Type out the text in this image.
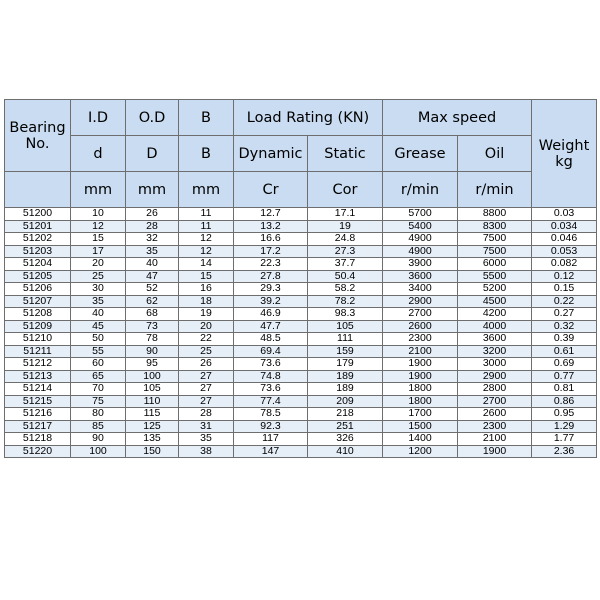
Bearing No.	I.D	O.D	B	Load Rating (KN)		Max speed		Weight kg
	d	D	B	Dynamic	Static	Grease	Oil	
	mm	mm	mm	Cr	Cor	r/min	r/min	
51200	10	26	11	12.7	17.1	5700	8800	0.03
51201	12	28	11	13.2	19	5400	8300	0.034
51202	15	32	12	16.6	24.8	4900	7500	0.046
51203	17	35	12	17.2	27.3	4900	7500	0.053
51204	20	40	14	22.3	37.7	3900	6000	0.082
51205	25	47	15	27.8	50.4	3600	5500	0.12
51206	30	52	16	29.3	58.2	3400	5200	0.15
51207	35	62	18	39.2	78.2	2900	4500	0.22
51208	40	68	19	46.9	98.3	2700	4200	0.27
51209	45	73	20	47.7	105	2600	4000	0.32
51210	50	78	22	48.5	111	2300	3600	0.39
51211	55	90	25	69.4	159	2100	3200	0.61
51212	60	95	26	73.6	179	1900	3000	0.69
51213	65	100	27	74.8	189	1900	2900	0.77
51214	70	105	27	73.6	189	1800	2800	0.81
51215	75	110	27	77.4	209	1800	2700	0.86
51216	80	115	28	78.5	218	1700	2600	0.95
51217	85	125	31	92.3	251	1500	2300	1.29
51218	90	135	35	117	326	1400	2100	1.77
51220	100	150	38	147	410	1200	1900	2.36
